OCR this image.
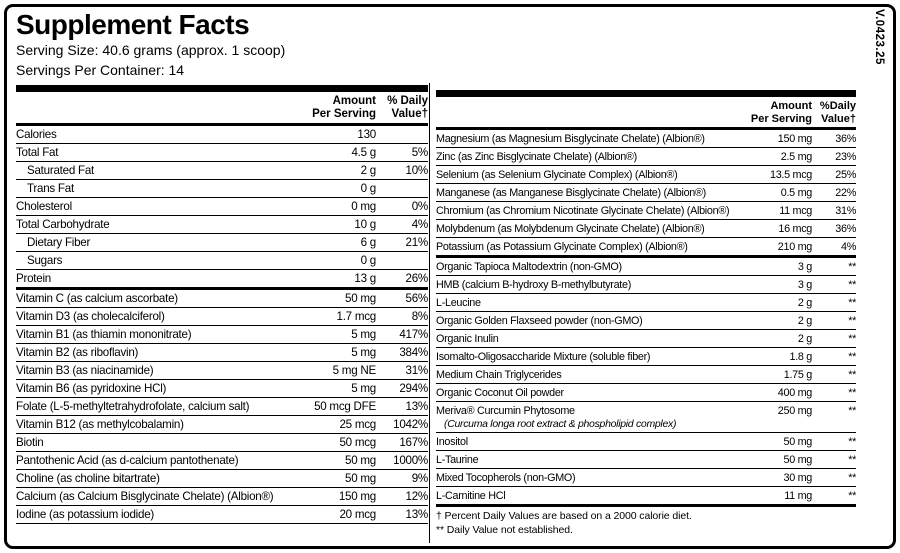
V.0423.25
Supplement Facts
Serving Size: 40.6 grams (approx. 1 scoop)
Servings Per Container: 14
Amount
Per Serving
% Daily
Value†
Calories	130
Total Fat	4.5 g	5%
Saturated Fat	2 g	10%
Trans Fat	0 g
Cholesterol	0 mg	0%
Total Carbohydrate	10 g	4%
Dietary Fiber	6 g	21%
Sugars	0 g
Protein	13 g	26%
Vitamin C (as calcium ascorbate)	50 mg	56%
Vitamin D3 (as cholecalciferol)	1.7 mcg	8%
Vitamin B1 (as thiamin mononitrate)	5 mg	417%
Vitamin B2 (as riboflavin)	5 mg	384%
Vitamin B3 (as niacinamide)	5 mg NE	31%
Vitamin B6 (as pyridoxine HCl)	5 mg	294%
Folate (L-5-methyltetrahydrofolate, calcium salt)	50 mcg DFE	13%
Vitamin B12 (as methylcobalamin)	25 mcg	1042%
Biotin	50 mcg	167%
Pantothenic Acid (as d-calcium pantothenate)	50 mg	1000%
Choline (as choline bitartrate)	50 mg	9%
Calcium (as Calcium Bisglycinate Chelate) (Albion®)	150 mg	12%
Iodine (as potassium iodide)	20 mcg	13%
Amount
Per Serving
%Daily
Value†
Magnesium (as Magnesium Bisglycinate Chelate) (Albion®)	150 mg	36%
Zinc (as Zinc Bisglycinate Chelate) (Albion®)	2.5 mg	23%
Selenium (as Selenium Glycinate Complex) (Albion®)	13.5 mcg	25%
Manganese (as Manganese Bisglycinate Chelate) (Albion®)	0.5 mg	22%
Chromium (as Chromium Nicotinate Glycinate Chelate) (Albion®)	11 mcg	31%
Molybdenum (as Molybdenum Glycinate Chelate) (Albion®)	16 mcg	36%
Potassium (as Potassium Glycinate Complex) (Albion®)	210 mg	4%
Organic Tapioca Maltodextrin (non-GMO)	3 g	**
HMB (calcium B-hydroxy B-methylbutyrate)	3 g	**
L-Leucine	2 g	**
Organic Golden Flaxseed powder (non-GMO)	2 g	**
Organic Inulin	2 g	**
Isomalto-Oligosaccharide Mixture (soluble fiber)	1.8 g	**
Medium Chain Triglycerides	1.75 g	**
Organic Coconut Oil powder	400 mg	**
Meriva® Curcumin Phytosome
(Curcuma longa root extract & phospholipid complex)
250 mg	**
Inositol	50 mg	**
L-Taurine	50 mg	**
Mixed Tocopherols (non-GMO)	30 mg	**
L-Carnitine HCl	11 mg	**
† Percent Daily Values are based on a 2000 calorie diet.
** Daily Value not established.
